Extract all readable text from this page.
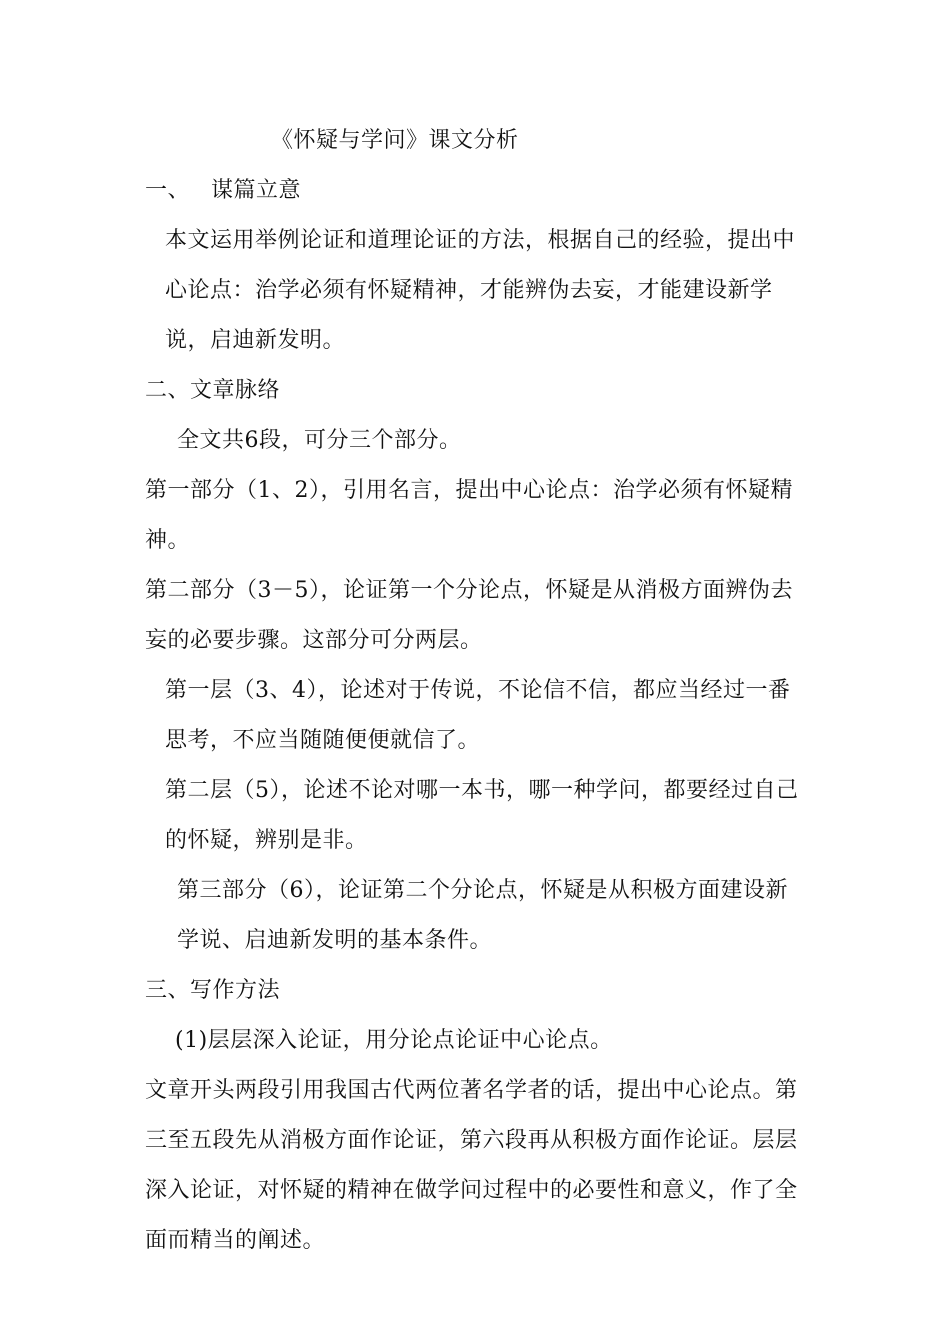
《怀疑与学问》课文分析

一、 谋篇立意

本文运用举例论证和道理论证的方法，根据自己的经验，提出中心论点：治学必须有怀疑精神，才能辨伪去妄，才能建设新学说，启迪新发明。

二、文章脉络

全文共6段，可分三个部分。

第一部分（1、2），引用名言，提出中心论点：治学必须有怀疑精神。

第二部分（3－5），论证第一个分论点，怀疑是从消极方面辨伪去妄的必要步骤。这部分可分两层。

第一层（3、4），论述对于传说，不论信不信，都应当经过一番思考，不应当随随便便就信了。

第二层（5），论述不论对哪一本书，哪一种学问，都要经过自己的怀疑，辨别是非。

第三部分（6），论证第二个分论点，怀疑是从积极方面建设新学说、启迪新发明的基本条件。

三、写作方法

(1)层层深入论证，用分论点论证中心论点。

文章开头两段引用我国古代两位著名学者的话，提出中心论点。第三至五段先从消极方面作论证，第六段再从积极方面作论证。层层深入论证，对怀疑的精神在做学问过程中的必要性和意义，作了全面而精当的阐述。
